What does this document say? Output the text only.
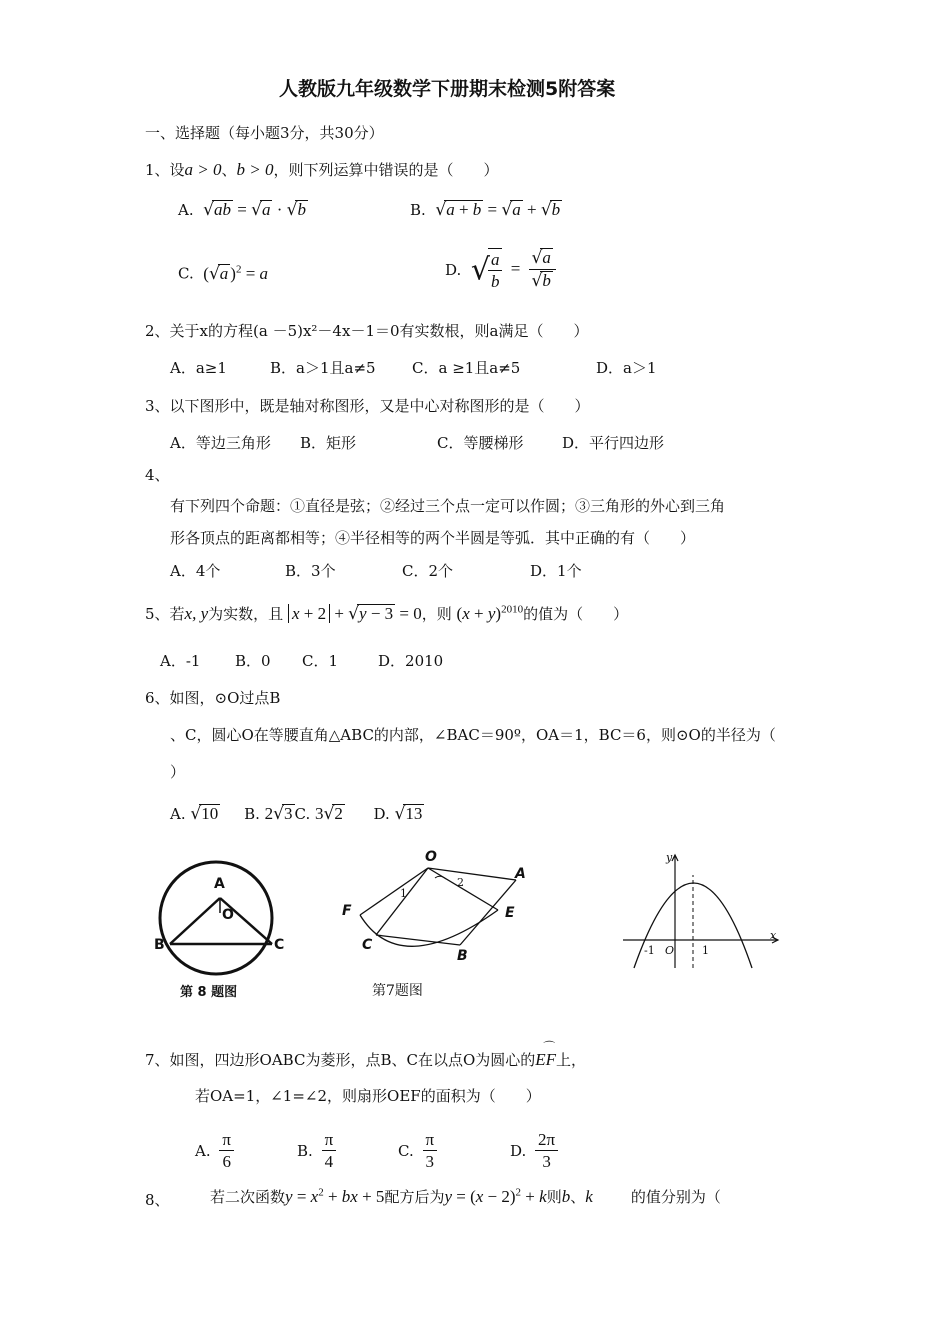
人教版九年级数学下册期末检测5附答案
一、选择题（每小题3分，共30分）
1、设a > 0、b > 0，则下列运算中错误的是（　　）
A. √ab = √a · √b	B. √a + b = √a + √b
C. (√a )$^2$ = a	D. √
$\frac{a}{b} = \frac{√a}{√b}$
2、关于x的方程(a －5)x²－4x－1＝0有实数根，则a满足（　　）
A．a≥1	B．a＞1且a≠5 C．a ≥1且a≠5	D．a＞1
3、以下图形中，既是轴对称图形，又是中心对称图形的是（　　）
A．等边三角形 B．矩形	C．等腰梯形	D．平行四边形
4、
有下列四个命题：①直径是弦；②经过三个点一定可以作圆；③三角形的外心到三角
形各顶点的距离都相等；④半径相等的两个半圆是等弧．其中正确的有（　　）
A．4个	B．3个	C．2个	D．1个
5、若x, y为实数，且 x + 2 + √y − 3 = 0，则 $(x + y)^{2010}$的值为（　　）
A．-1 B．0 C．1	D．2010
6、如图，⊙O过点B
、C，圆心O在等腰直角△ABC的内部，∠BAC＝90º，OA＝1，BC＝6，则⊙O的半径为（
）
A. √10 B. 2√3 C. 3√2 D. √13
A
O
B	C
第 8 题图
O
A
F	E
C
B
1
2
第7题图
y
x
-1 O	1
7、如图，四边形OABC为菱形，点B、C在以点O为圆心的
⌒
EF上，
若OA=1，∠1=∠2，则扇形OEF的面积为（　　）
A. $\frac{\pi}{6}$	B. $\frac{\pi}{4}$	C. $\frac{\pi}{3}$	D. $\frac{2\pi}{3}$
8、	若二次函数$y = x^2$ + bx + 5配方后为$y = (x - 2)^2 + k$则b、k	的值分别为（
